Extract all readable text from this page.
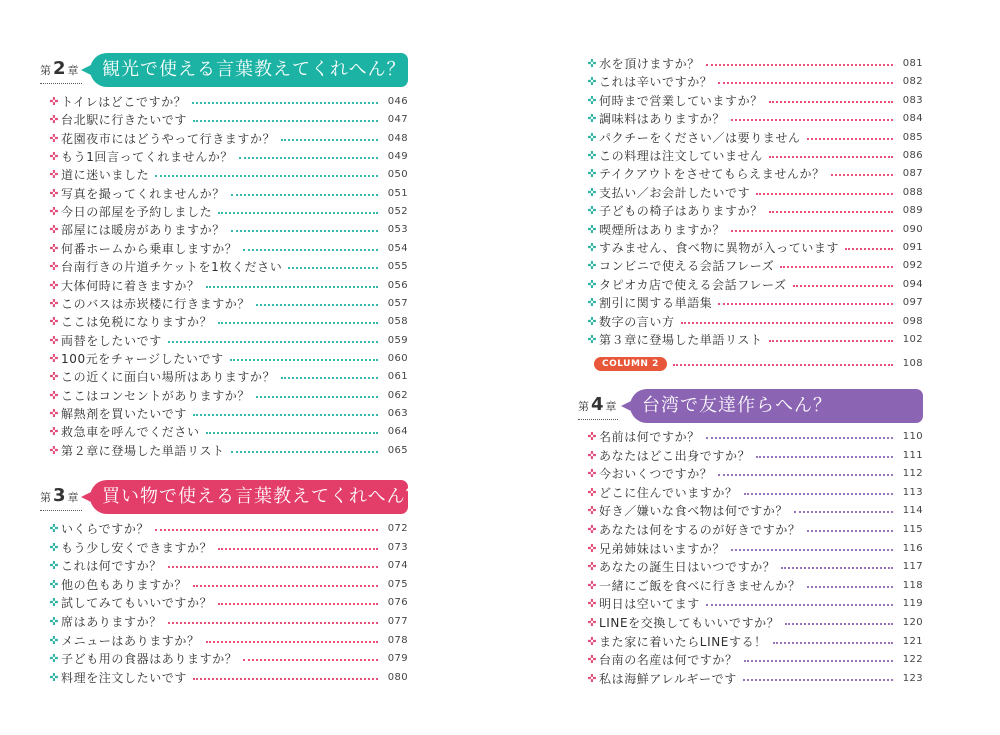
第 2 章	観光で使える言葉教えてくれへん？
✜ トイレはどこですか？	046
✜ 台北駅に行きたいです	047
✜ 花園夜市にはどうやって行きますか？	048
✜ もう1回言ってくれませんか？	049
✜ 道に迷いました	050
✜ 写真を撮ってくれませんか？	051
✜ 今日の部屋を予約しました	052
✜ 部屋には暖房がありますか？	053
✜ 何番ホームから乗車しますか？	054
✜ 台南行きの片道チケットを1枚ください	055
✜ 大体何時に着きますか？	056
✜ このバスは赤崁楼に行きますか？	057
✜ ここは免税になりますか？	058
✜ 両替をしたいです	059
✜ 100元をチャージしたいです	060
✜ この近くに面白い場所はありますか？	061
✜ ここはコンセントがありますか？	062
✜ 解熱剤を買いたいです	063
✜ 救急車を呼んでください	064
✜ 第２章に登場した単語リスト	065
第 3 章	買い物で使える言葉教えてくれへん？
✜ いくらですか？	072
✜ もう少し安くできますか？	073
✜ これは何ですか？	074
✜ 他の色もありますか？	075
✜ 試してみてもいいですか？	076
✜ 席はありますか？	077
✜ メニューはありますか？	078
✜ 子ども用の食器はありますか？	079
✜ 料理を注文したいです	080
✜ 水を頂けますか？	081
✜ これは辛いですか？	082
✜ 何時まで営業していますか？	083
✜ 調味料はありますか？	084
✜ パクチーをください／は要りません	085
✜ この料理は注文していません	086
✜ テイクアウトをさせてもらえませんか？	087
✜ 支払い／お会計したいです	088
✜ 子どもの椅子はありますか？	089
✜ 喫煙所はありますか？	090
✜ すみません、食べ物に異物が入っています	091
✜ コンビニで使える会話フレーズ	092
✜ タピオカ店で使える会話フレーズ	094
✜ 割引に関する単語集	097
✜ 数字の言い方	098
✜ 第３章に登場した単語リスト	102
COLUMN 2	108
第 4 章	台湾で友達作らへん？
✜ 名前は何ですか？	110
✜ あなたはどこ出身ですか？	111
✜ 今おいくつですか？	112
✜ どこに住んでいますか？	113
✜ 好き／嫌いな食べ物は何ですか？	114
✜ あなたは何をするのが好きですか？	115
✜ 兄弟姉妹はいますか？	116
✜ あなたの誕生日はいつですか？	117
✜ 一緒にご飯を食べに行きませんか？	118
✜ 明日は空いてます	119
✜ LINEを交換してもいいですか？	120
✜ また家に着いたらLINEする！	121
✜ 台南の名産は何ですか？	122
✜ 私は海鮮アレルギーです	123
